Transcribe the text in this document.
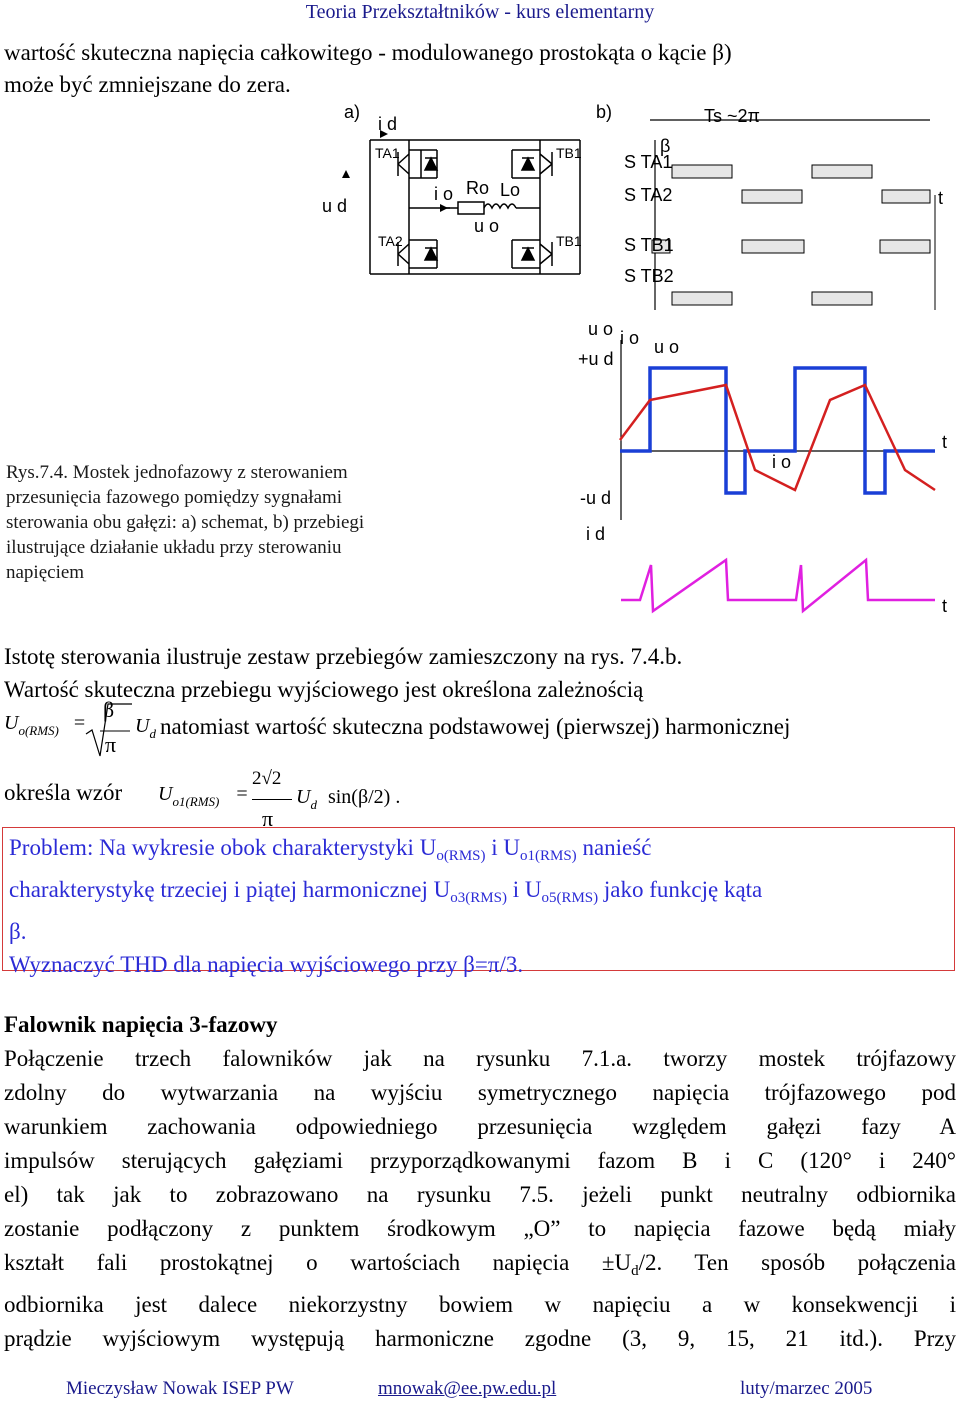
Teoria Przekształtników - kurs elementarny
wartość skuteczna napięcia całkowitego - modulowanego prostokąta o kącie β)
może być zmniejszane do zera.
a)
i d
u d
i o Ro Lo
u o
b)
TA1
TA2
TB1
TB1
S TA1
S TA2
S TB1
S TB2
t
β
Ts ~2π
u o i o u o
+u d
-u d
i d
i o
t
t
Rys.7.4. Mostek jednofazowy z sterowaniem
przesunięcia fazowego pomiędzy sygnałami
sterowania obu gałęzi: a) schemat, b) przebiegi
ilustrujące działanie układu przy sterowaniu
napięciem
Istotę sterowania ilustruje zestaw przebiegów zamieszczony na rys. 7.4.b.
Wartość skuteczna przebiegu wyjściowego jest określona zależnością
$U_{o(RMS)}$ =
β
π
$U_d$ natomiast wartość skuteczna podstawowej (pierwszej) harmonicznej
określa wzór $U_{o1(RMS)}$ =
2√2
π
$U_d$ sin(β/2) .
Problem: Na wykresie obok charakterystyki $U_{o(RMS)}$ i $U_{o1(RMS)}$ nanieść
charakterystykę trzeciej i piątej harmonicznej $U_{o3(RMS)}$ i $U_{o5(RMS)}$ jako funkcję kąta
β.
Wyznaczyć THD dla napięcia wyjściowego przy β=π/3.
Falownik napięcia 3-fazowy
Połączenie trzech falowników jak na rysunku 7.1.a. tworzy mostek trójfazowy
zdolny do wytwarzania na wyjściu symetrycznego napięcia trójfazowego pod
warunkiem zachowania odpowiedniego przesunięcia względem gałęzi fazy A
impulsów sterujących gałęziami przyporządkowanymi fazom B i C (120° i 240°
el) tak jak to zobrazowano na rysunku 7.5. jeżeli punkt neutralny odbiornika
zostanie podłączony z punktem środkowym „O” to napięcia fazowe będą miały
kształt fali prostokątnej o wartościach napięcia $\pm U_d/2$. Ten sposób połączenia
odbiornika jest dalece niekorzystny bowiem w napięciu a w konsekwencji i
prądzie wyjściowym występują harmoniczne zgodne (3, 9, 15, 21 itd.). Przy
Mieczysław Nowak ISEP PW	mnowak@ee.pw.edu.pl	luty/marzec 2005
